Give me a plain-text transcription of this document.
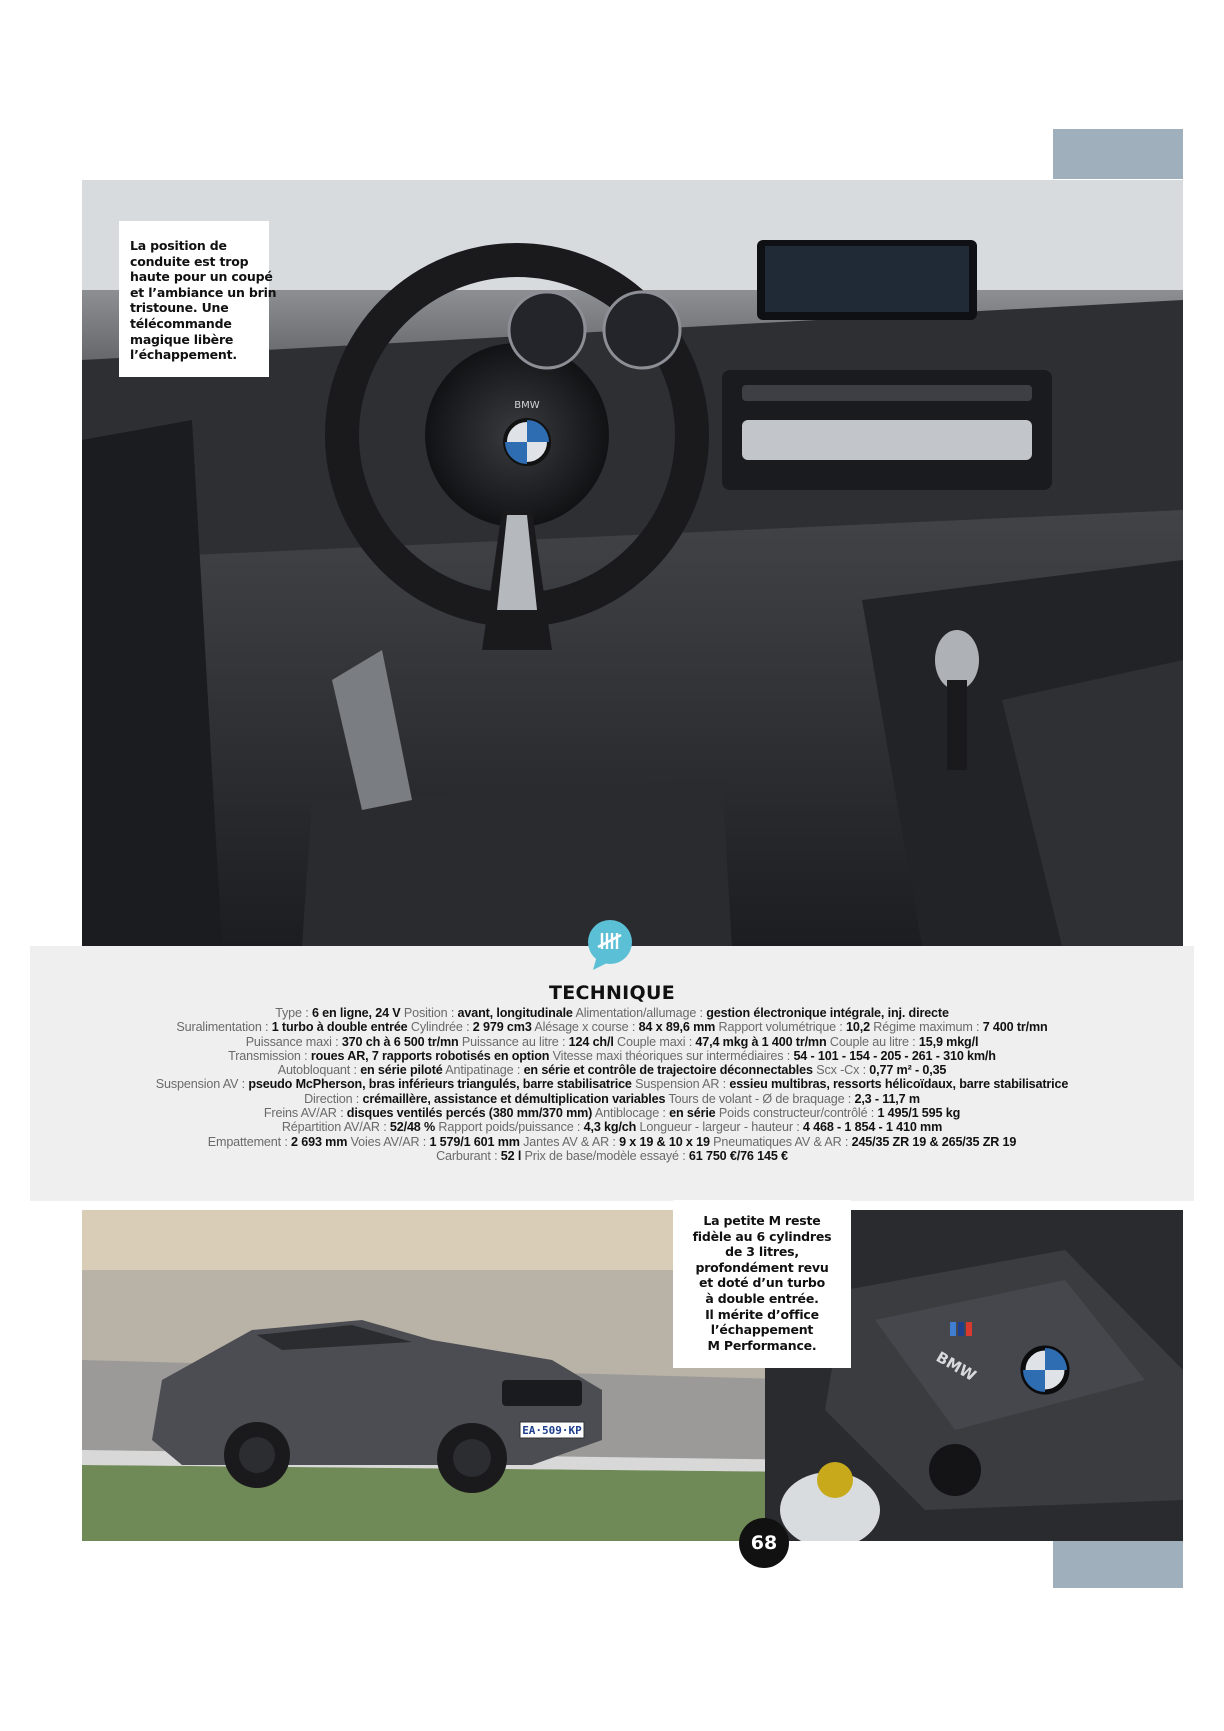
BMW
La position de
conduite est trop
haute pour un coupé
et l’ambiance un brin
tristoune. Une
télécommande
magique libère
l’échappement.
TECHNIQUE
Type : 6 en ligne, 24 V Position : avant, longitudinale Alimentation/allumage : gestion électronique intégrale, inj. directe
Suralimentation : 1 turbo à double entrée Cylindrée : 2 979 cm3 Alésage x course : 84 x 89,6 mm Rapport volumétrique : 10,2 Régime maximum : 7 400 tr/mn
Puissance maxi : 370 ch à 6 500 tr/mn Puissance au litre : 124 ch/l Couple maxi : 47,4 mkg à 1 400 tr/mn Couple au litre : 15,9 mkg/l
Transmission : roues AR, 7 rapports robotisés en option Vitesse maxi théoriques sur intermédiaires : 54 - 101 - 154 - 205 - 261 - 310 km/h
Autobloquant : en série piloté Antipatinage : en série et contrôle de trajectoire déconnectables Scx -Cx : 0,77 m² - 0,35
Suspension AV : pseudo McPherson, bras inférieurs triangulés, barre stabilisatrice Suspension AR : essieu multibras, ressorts hélicoïdaux, barre stabilisatrice
Direction : crémaillère, assistance et démultiplication variables Tours de volant - Ø de braquage : 2,3 - 11,7 m
Freins AV/AR : disques ventilés percés (380 mm/370 mm) Antiblocage : en série Poids constructeur/contrôlé : 1 495/1 595 kg
Répartition AV/AR : 52/48 % Rapport poids/puissance : 4,3 kg/ch Longueur - largeur - hauteur : 4 468 - 1 854 - 1 410 mm
Empattement : 2 693 mm Voies AV/AR : 1 579/1 601 mm Jantes AV & AR : 9 x 19 & 10 x 19 Pneumatiques AV & AR : 245/35 ZR 19 & 265/35 ZR 19
Carburant : 52 l Prix de base/modèle essayé : 61 750 €/76 145 €
EA·509·KP
BMW
La petite M reste
fidèle au 6 cylindres
de 3 litres,
profondément revu
et doté d’un turbo
à double entrée.
Il mérite d’office
l’échappement
M Performance.
68
